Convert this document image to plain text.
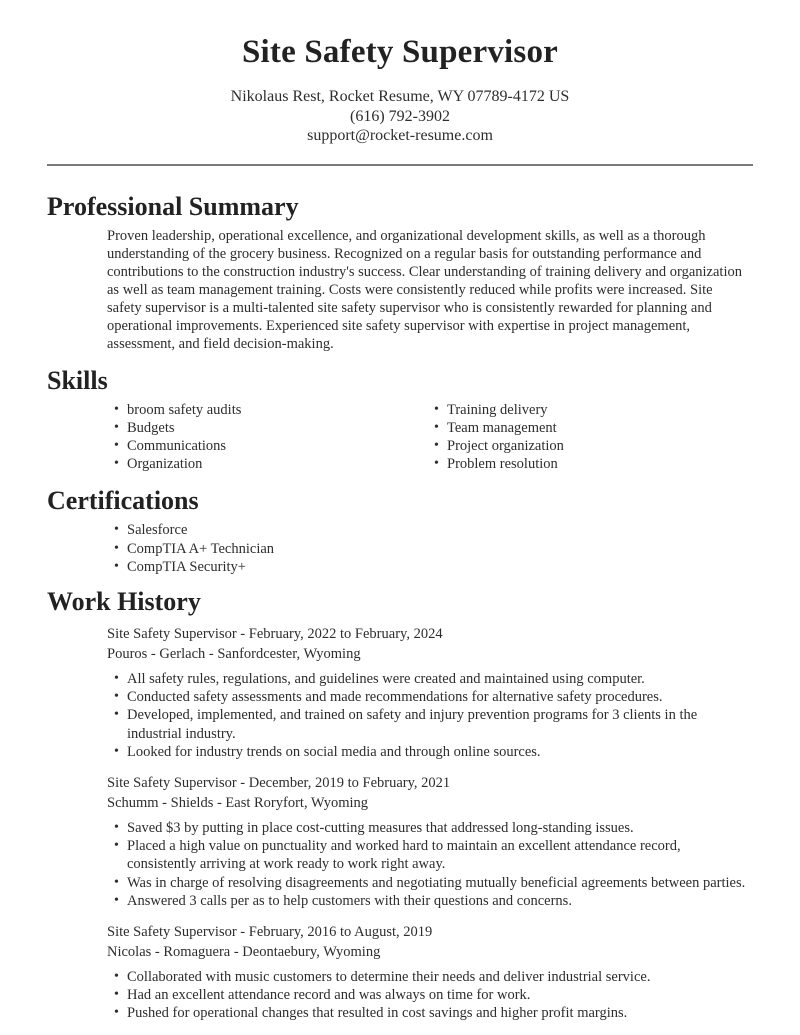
Site Safety Supervisor
Nikolaus Rest, Rocket Resume, WY 07789-4172 US
(616) 792-3902
support@rocket-resume.com
Professional Summary

Proven leadership, operational excellence, and organizational development skills, as well as a thorough understanding of the grocery business. Recognized on a regular basis for outstanding performance and contributions to the construction industry's success. Clear understanding of training delivery and organization as well as team management training. Costs were consistently reduced while profits were increased. Site safety supervisor is a multi-talented site safety supervisor who is consistently rewarded for planning and operational improvements. Experienced site safety supervisor with expertise in project management, assessment, and field decision-making.

Skills
• broom safety audits
• Budgets
• Communications
• Organization
• Training delivery
• Team management
• Project organization
• Problem resolution
Certifications
• Salesforce
• CompTIA A+ Technician
• CompTIA Security+
Work History
Site Safety Supervisor - February, 2022 to February, 2024
Pouros - Gerlach - Sanfordcester, Wyoming
• All safety rules, regulations, and guidelines were created and maintained using computer.
• Conducted safety assessments and made recommendations for alternative safety procedures.
• Developed, implemented, and trained on safety and injury prevention programs for 3 clients in the industrial industry.
• Looked for industry trends on social media and through online sources.
Site Safety Supervisor - December, 2019 to February, 2021
Schumm - Shields - East Roryfort, Wyoming
• Saved $3 by putting in place cost-cutting measures that addressed long-standing issues.
• Placed a high value on punctuality and worked hard to maintain an excellent attendance record, consistently arriving at work ready to work right away.
• Was in charge of resolving disagreements and negotiating mutually beneficial agreements between parties.
• Answered 3 calls per as to help customers with their questions and concerns.
Site Safety Supervisor - February, 2016 to August, 2019
Nicolas - Romaguera - Deontaebury, Wyoming
• Collaborated with music customers to determine their needs and deliver industrial service.
• Had an excellent attendance record and was always on time for work.
• Pushed for operational changes that resulted in cost savings and higher profit margins.
